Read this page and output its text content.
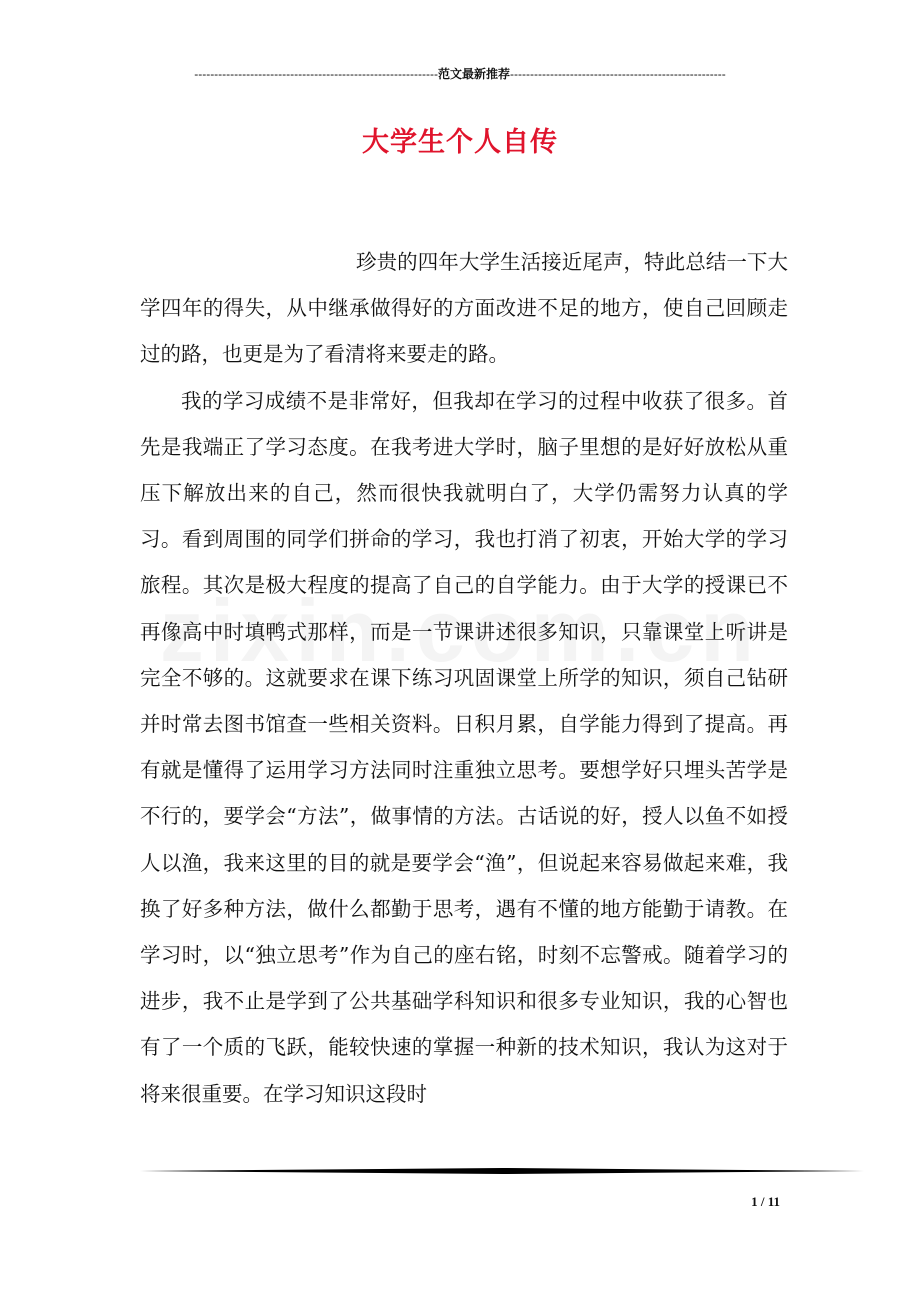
-------------------------------------------------------------范文最新推荐------------------------------------------------------
大学生个人自传

珍贵的四年大学生活接近尾声，特此总结一下大学四年的得失，从中继承做得好的方面改进不足的地方，使自己回顾走过的路，也更是为了看清将来要走的路。

我的学习成绩不是非常好，但我却在学习的过程中收获了很多。首先是我端正了学习态度。在我考进大学时，脑子里想的是好好放松从重压下解放出来的自己，然而很快我就明白了，大学仍需努力认真的学习。看到周围的同学们拼命的学习，我也打消了初衷，开始大学的学习旅程。其次是极大程度的提高了自己的自学能力。由于大学的授课已不再像高中时填鸭式那样，而是一节课讲述很多知识，只靠课堂上听讲是完全不够的。这就要求在课下练习巩固课堂上所学的知识，须自己钻研并时常去图书馆查一些相关资料。日积月累，自学能力得到了提高。再有就是懂得了运用学习方法同时注重独立思考。要想学好只埋头苦学是不行的，要学会“方法”，做事情的方法。古话说的好，授人以鱼不如授人以渔，我来这里的目的就是要学会“渔”，但说起来容易做起来难，我换了好多种方法，做什么都勤于思考，遇有不懂的地方能勤于请教。在学习时，以“独立思考”作为自己的座右铭，时刻不忘警戒。随着学习的进步，我不止是学到了公共基础学科知识和很多专业知识，我的心智也有了一个质的飞跃，能较快速的掌握一种新的技术知识，我认为这对于将来很重要。在学习知识这段时

1 / 11
